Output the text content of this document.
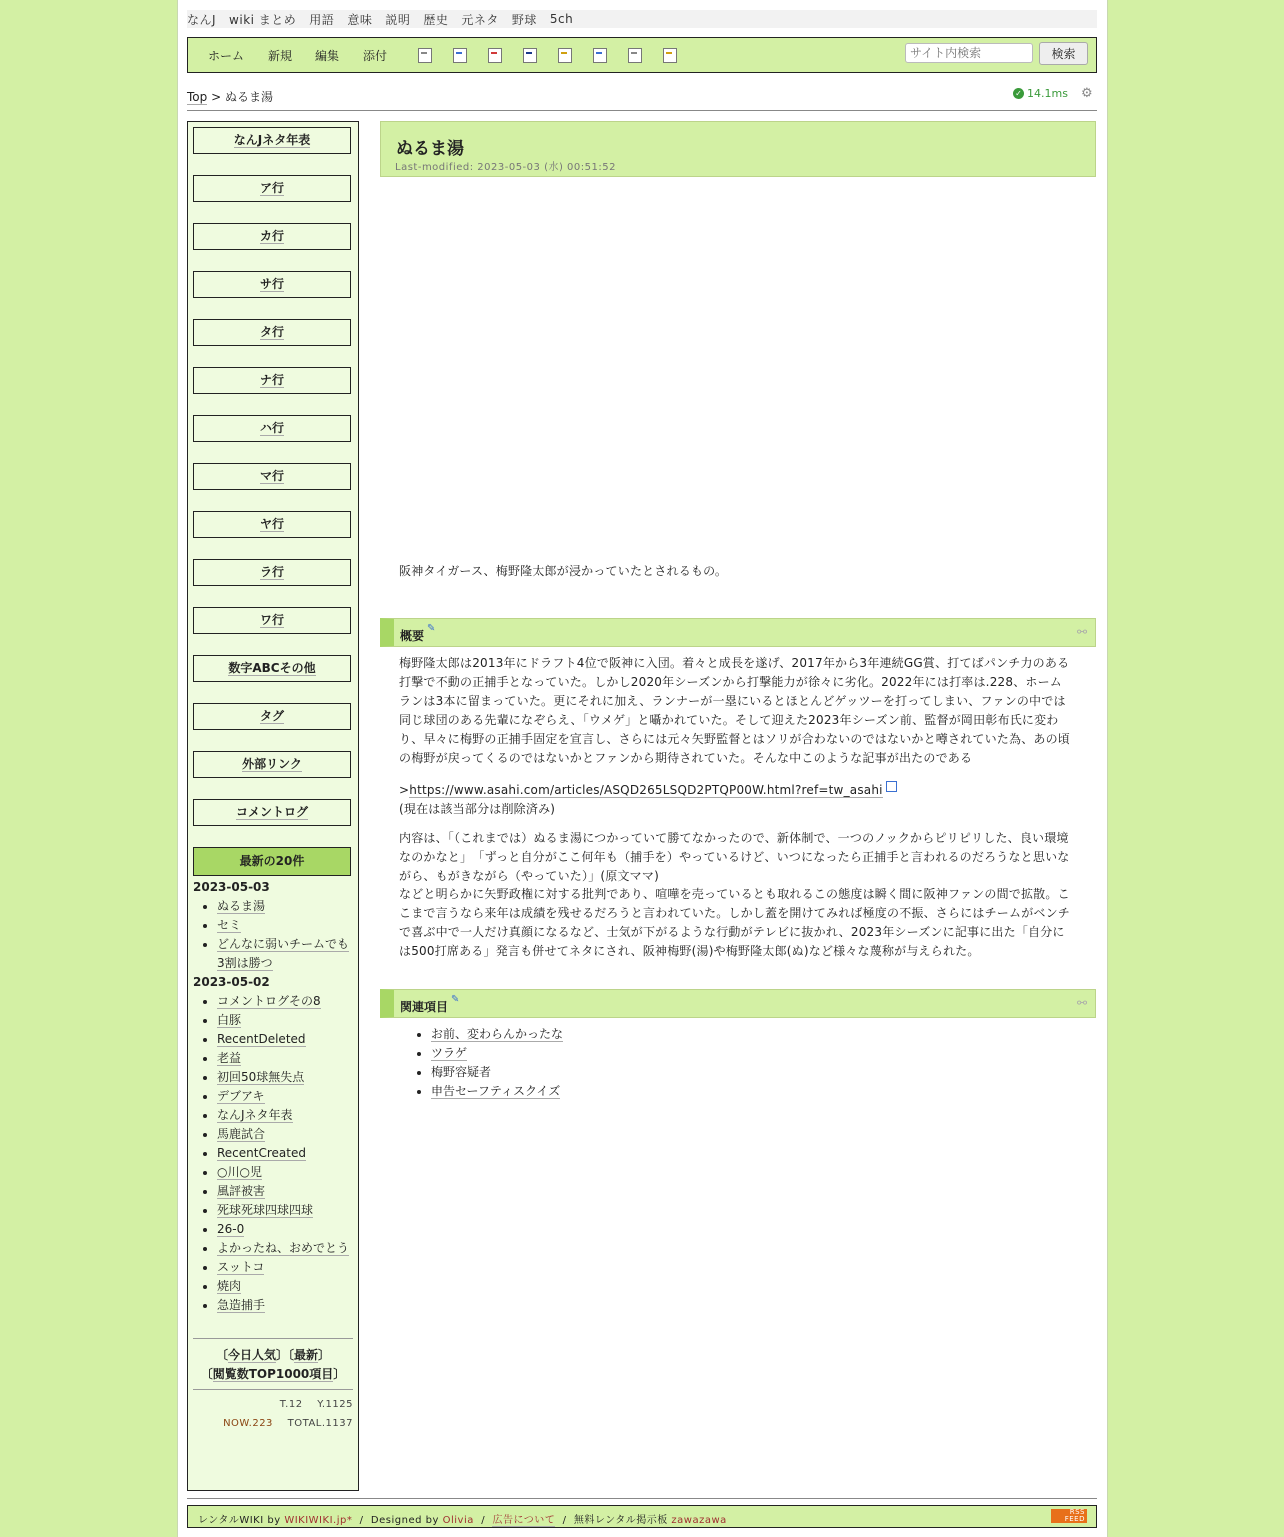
なんJ wiki まとめ 用語 意味 説明 歴史 元ネタ 野球 5ch
ホーム 新規 編集 添付
サイト内検索	検索
Top > ぬるま湯	✓ 14.1ms ⚙
なんJネタ年表
ア行
カ行
サ行
タ行
ナ行
ハ行
マ行
ヤ行
ラ行
ワ行
数字ABCその他
タグ
外部リンク
コメントログ
最新の20件
2023-05-03
• ぬるま湯
• セミ
• どんなに弱いチームでも3割は勝つ
2023-05-02
• コメントログその8
• 白豚
• RecentDeleted
• 老益
• 初回50球無失点
• デブアキ
• なんJネタ年表
• 馬鹿試合
• RecentCreated
• ○川○児
• 風評被害
• 死球死球四球四球
• 26-0
• よかったね、おめでとう
• スットコ
• 焼肉
• 急造捕手
〔今日人気〕〔最新〕
〔閲覧数TOP1000項目〕
T.12 Y.1125
NOW.223 TOTAL.1137
ぬるま湯
Last-modified: 2023-05-03 (水) 00:51:52
阪神タイガース、梅野隆太郎が浸かっていたとされるもの。
概要
✎	⚯
梅野隆太郎は2013年にドラフト4位で阪神に入団。着々と成長を遂げ、2017年から3年連続GG賞、打てばパンチ力のある打撃で不動の正捕手となっていた。しかし2020年シーズンから打撃能力が徐々に劣化。2022年には打率は.228、ホームランは3本に留まっていた。更にそれに加え、ランナーが一塁にいるとほとんどゲッツーを打ってしまい、ファンの中では同じ球団のある先輩になぞらえ、「ウメゲ」と囁かれていた。そして迎えた2023年シーズン前、監督が岡田彰布氏に変わり、早々に梅野の正捕手固定を宣言し、さらには元々矢野監督とはソリが合わないのではないかと噂されていた為、あの頃の梅野が戻ってくるのではないかとファンから期待されていた。そんな中このような記事が出たのである
>https://www.asahi.com/articles/ASQD265LSQD2PTQP00W.html?ref=tw_asahi
(現在は該当部分は削除済み)
内容は、「（これまでは）ぬるま湯につかっていて勝てなかったので、新体制で、一つのノックからピリピリした、良い環境なのかなと」　「ずっと自分がここ何年も（捕手を）やっているけど、いつになったら正捕手と言われるのだろうなと思いながら、もがきながら（やっていた）」(原文ママ)
などと明らかに矢野政権に対する批判であり、喧嘩を売っているとも取れるこの態度は瞬く間に阪神ファンの間で拡散。ここまで言うなら来年は成績を残せるだろうと言われていた。しかし蓋を開けてみれば極度の不振、さらにはチームがベンチで喜ぶ中で一人だけ真顔になるなど、士気が下がるような行動がテレビに抜かれ、2023年シーズンに記事に出た「自分には500打席ある」発言も併せてネタにされ、阪神梅野(湯)や梅野隆太郎(ぬ)など様々な蔑称が与えられた。
関連項目
✎	⚯
• お前、変わらんかったな
• ツラゲ
• 梅野容疑者
• 申告セーフティスクイズ
レンタルWIKI by WIKIWIKI.jp*  /  Designed by Olivia  /  広告について  /  無料レンタル掲示板 zawazawa
RSS FEED
